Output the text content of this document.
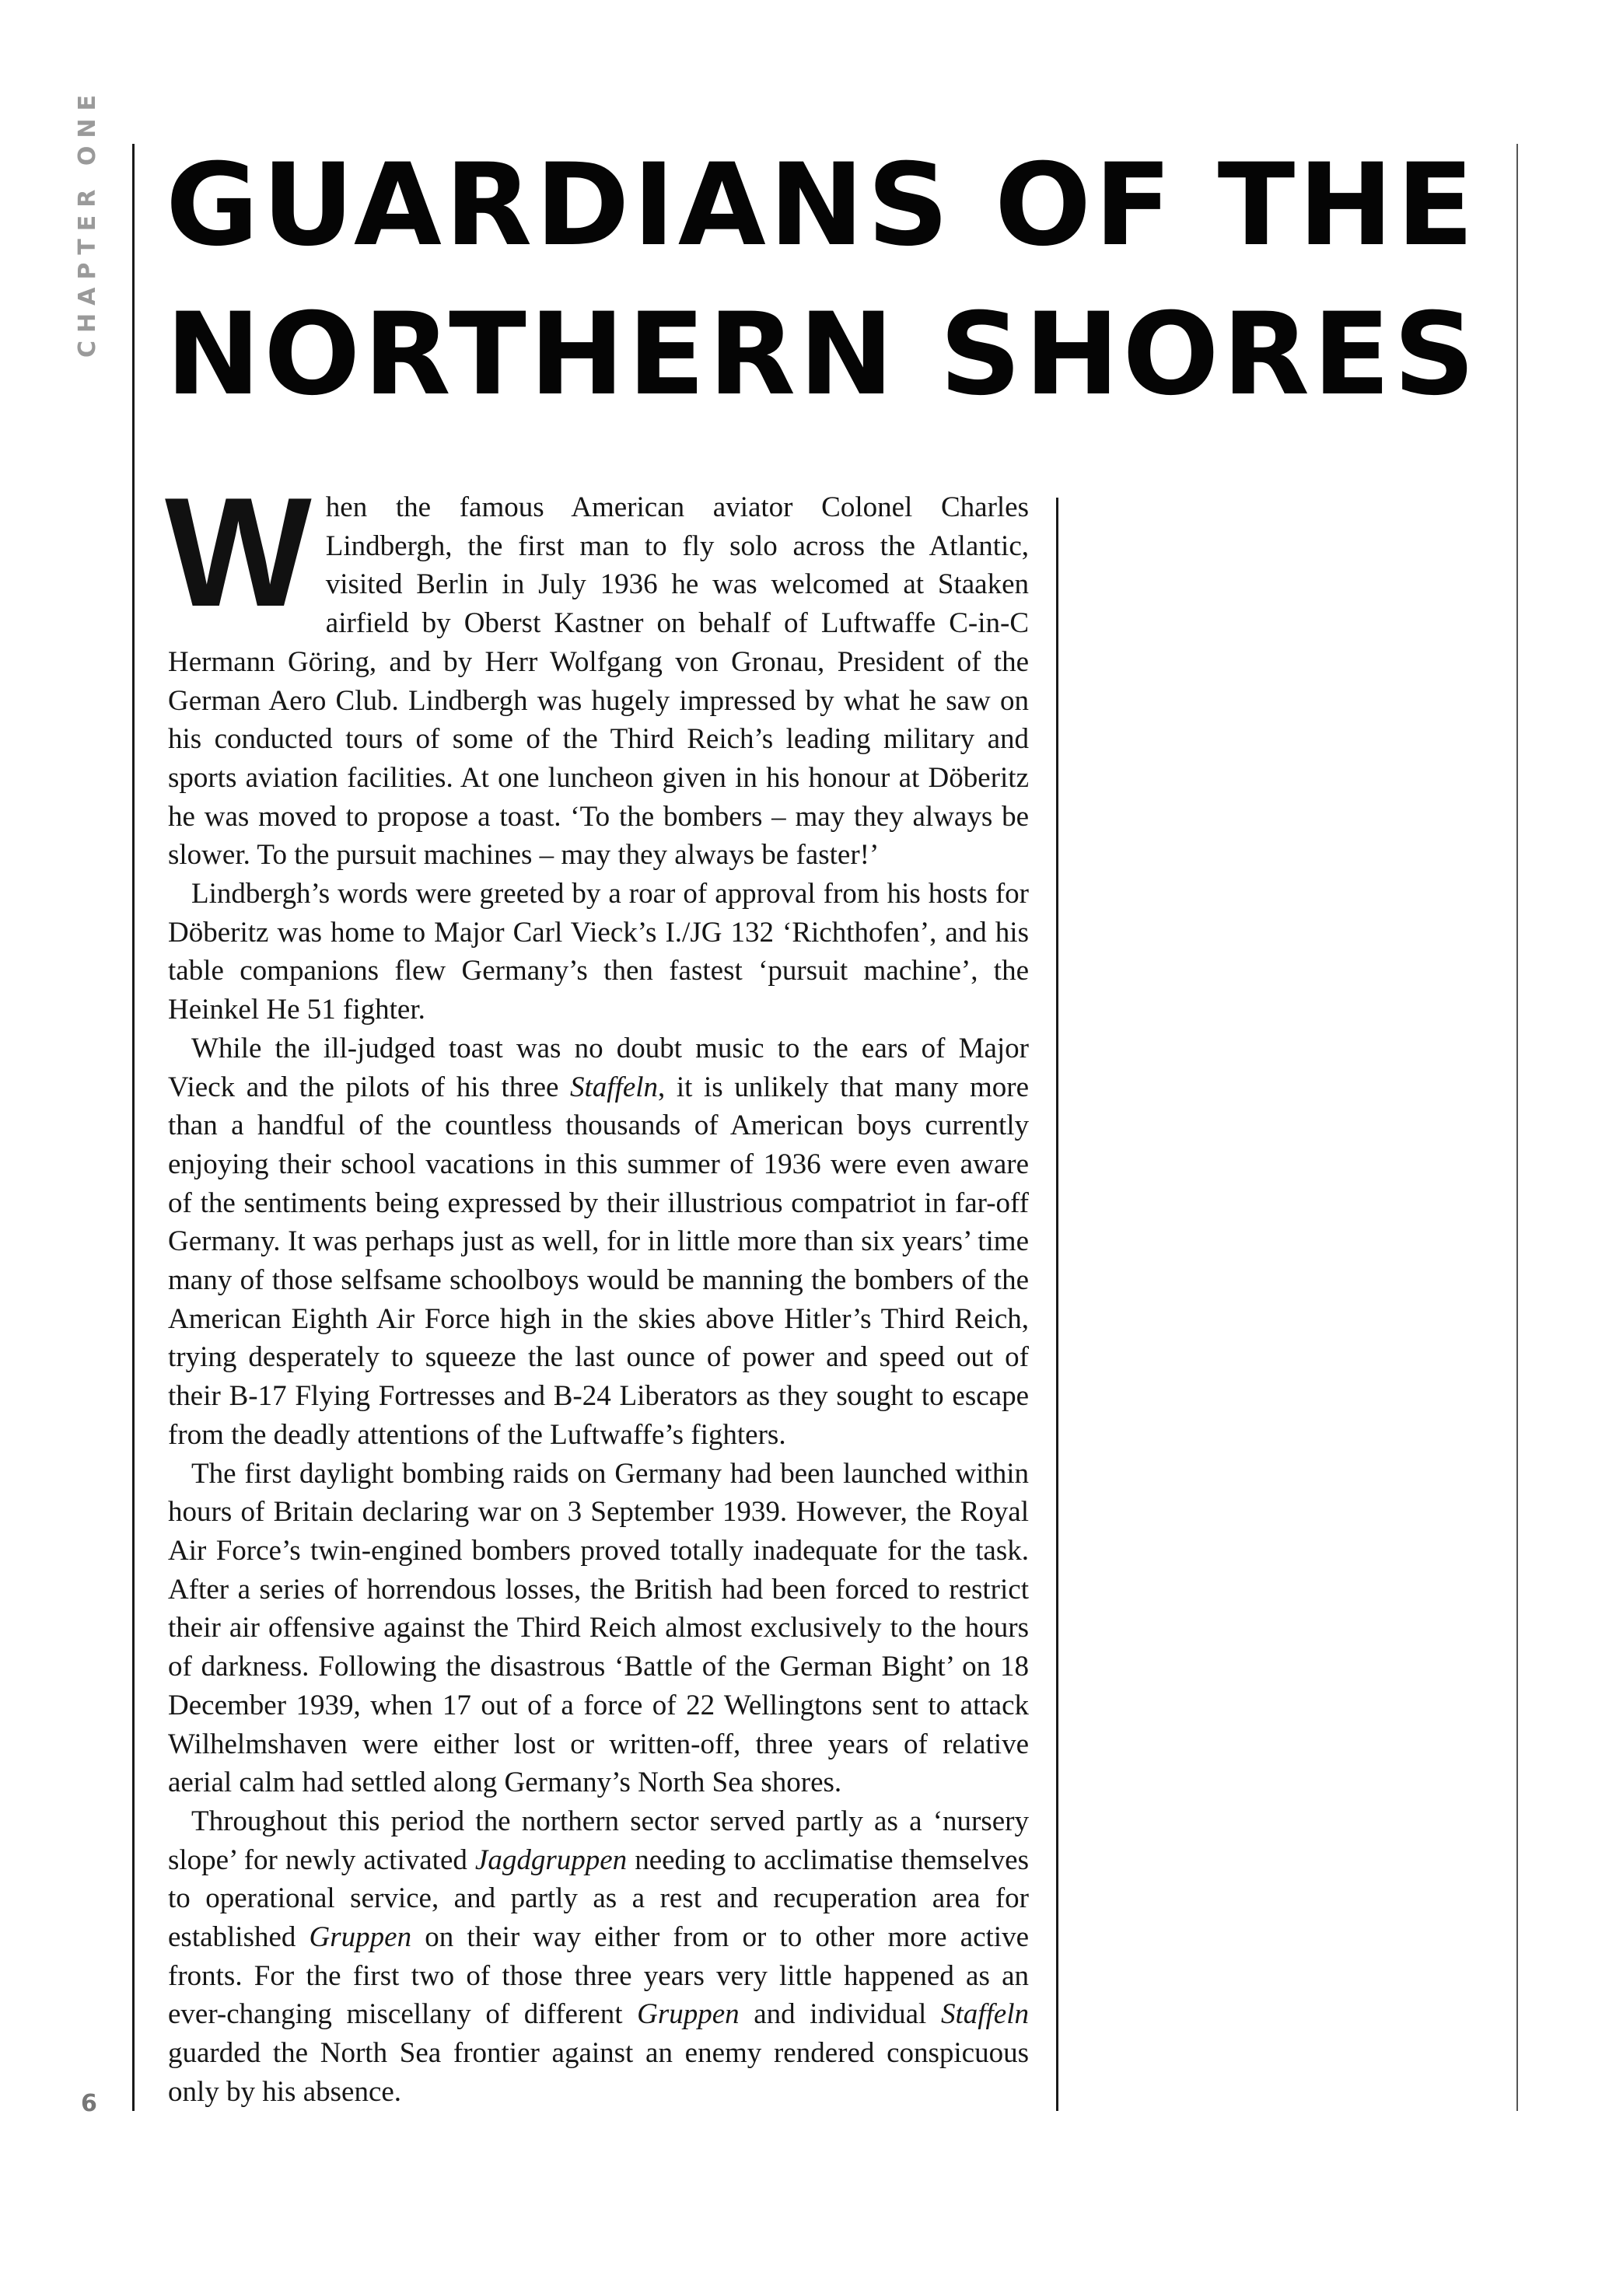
CHAPTER ONE GUARDIANS OF THE
NORTHERN SHORES

When the famous American aviator Colonel Charles Lindbergh, the first man to fly solo across the Atlantic, visited Berlin in July 1936 he was welcomed at Staaken airfield by Oberst Kastner on behalf of Luftwaffe C-in-C Hermann Göring, and by Herr Wolfgang von Gronau, President of the German Aero Club. Lindbergh was hugely impressed by what he saw on his conducted tours of some of the Third Reich’s leading military and sports aviation facilities. At one luncheon given in his honour at Döberitz he was moved to propose a toast. ‘To the bombers – may they always be slower. To the pursuit machines – may they always be faster!’

Lindbergh’s words were greeted by a roar of approval from his hosts for Döberitz was home to Major Carl Vieck’s I./JG 132 ‘Richthofen’, and his table companions flew Germany’s then fastest ‘pursuit machine’, the Heinkel He 51 fighter.

While the ill-judged toast was no doubt music to the ears of Major Vieck and the pilots of his three Staffeln, it is unlikely that many more than a handful of the countless thousands of American boys currently enjoying their school vacations in this summer of 1936 were even aware of the sentiments being expressed by their illustrious compatriot in far-off Germany. It was perhaps just as well, for in little more than six years’ time many of those selfsame schoolboys would be manning the bombers of the American Eighth Air Force high in the skies above Hitler’s Third Reich, trying desperately to squeeze the last ounce of power and speed out of their B-17 Flying Fortresses and B-24 Liberators as they sought to escape from the deadly attentions of the Luftwaffe’s fighters.

The first daylight bombing raids on Germany had been launched within hours of Britain declaring war on 3 September 1939. However, the Royal Air Force’s twin-engined bombers proved totally inadequate for the task. After a series of horrendous losses, the British had been forced to restrict their air offensive against the Third Reich almost exclusively to the hours of darkness. Following the disastrous ‘Battle of the German Bight’ on 18 December 1939, when 17 out of a force of 22 Wellingtons sent to attack Wilhelmshaven were either lost or written-off, three years of relative aerial calm had settled along Germany’s North Sea shores.

Throughout this period the northern sector served partly as a ‘nursery slope’ for newly activated Jagdgruppen needing to acclimatise themselves to operational service, and partly as a rest and recuperation area for established Gruppen on their way either from or to other more active fronts. For the first two of those three years very little happened as an ever-changing miscellany of different Gruppen and individual Staffeln guarded the North Sea frontier against an enemy rendered conspicuous only by his absence.

6
